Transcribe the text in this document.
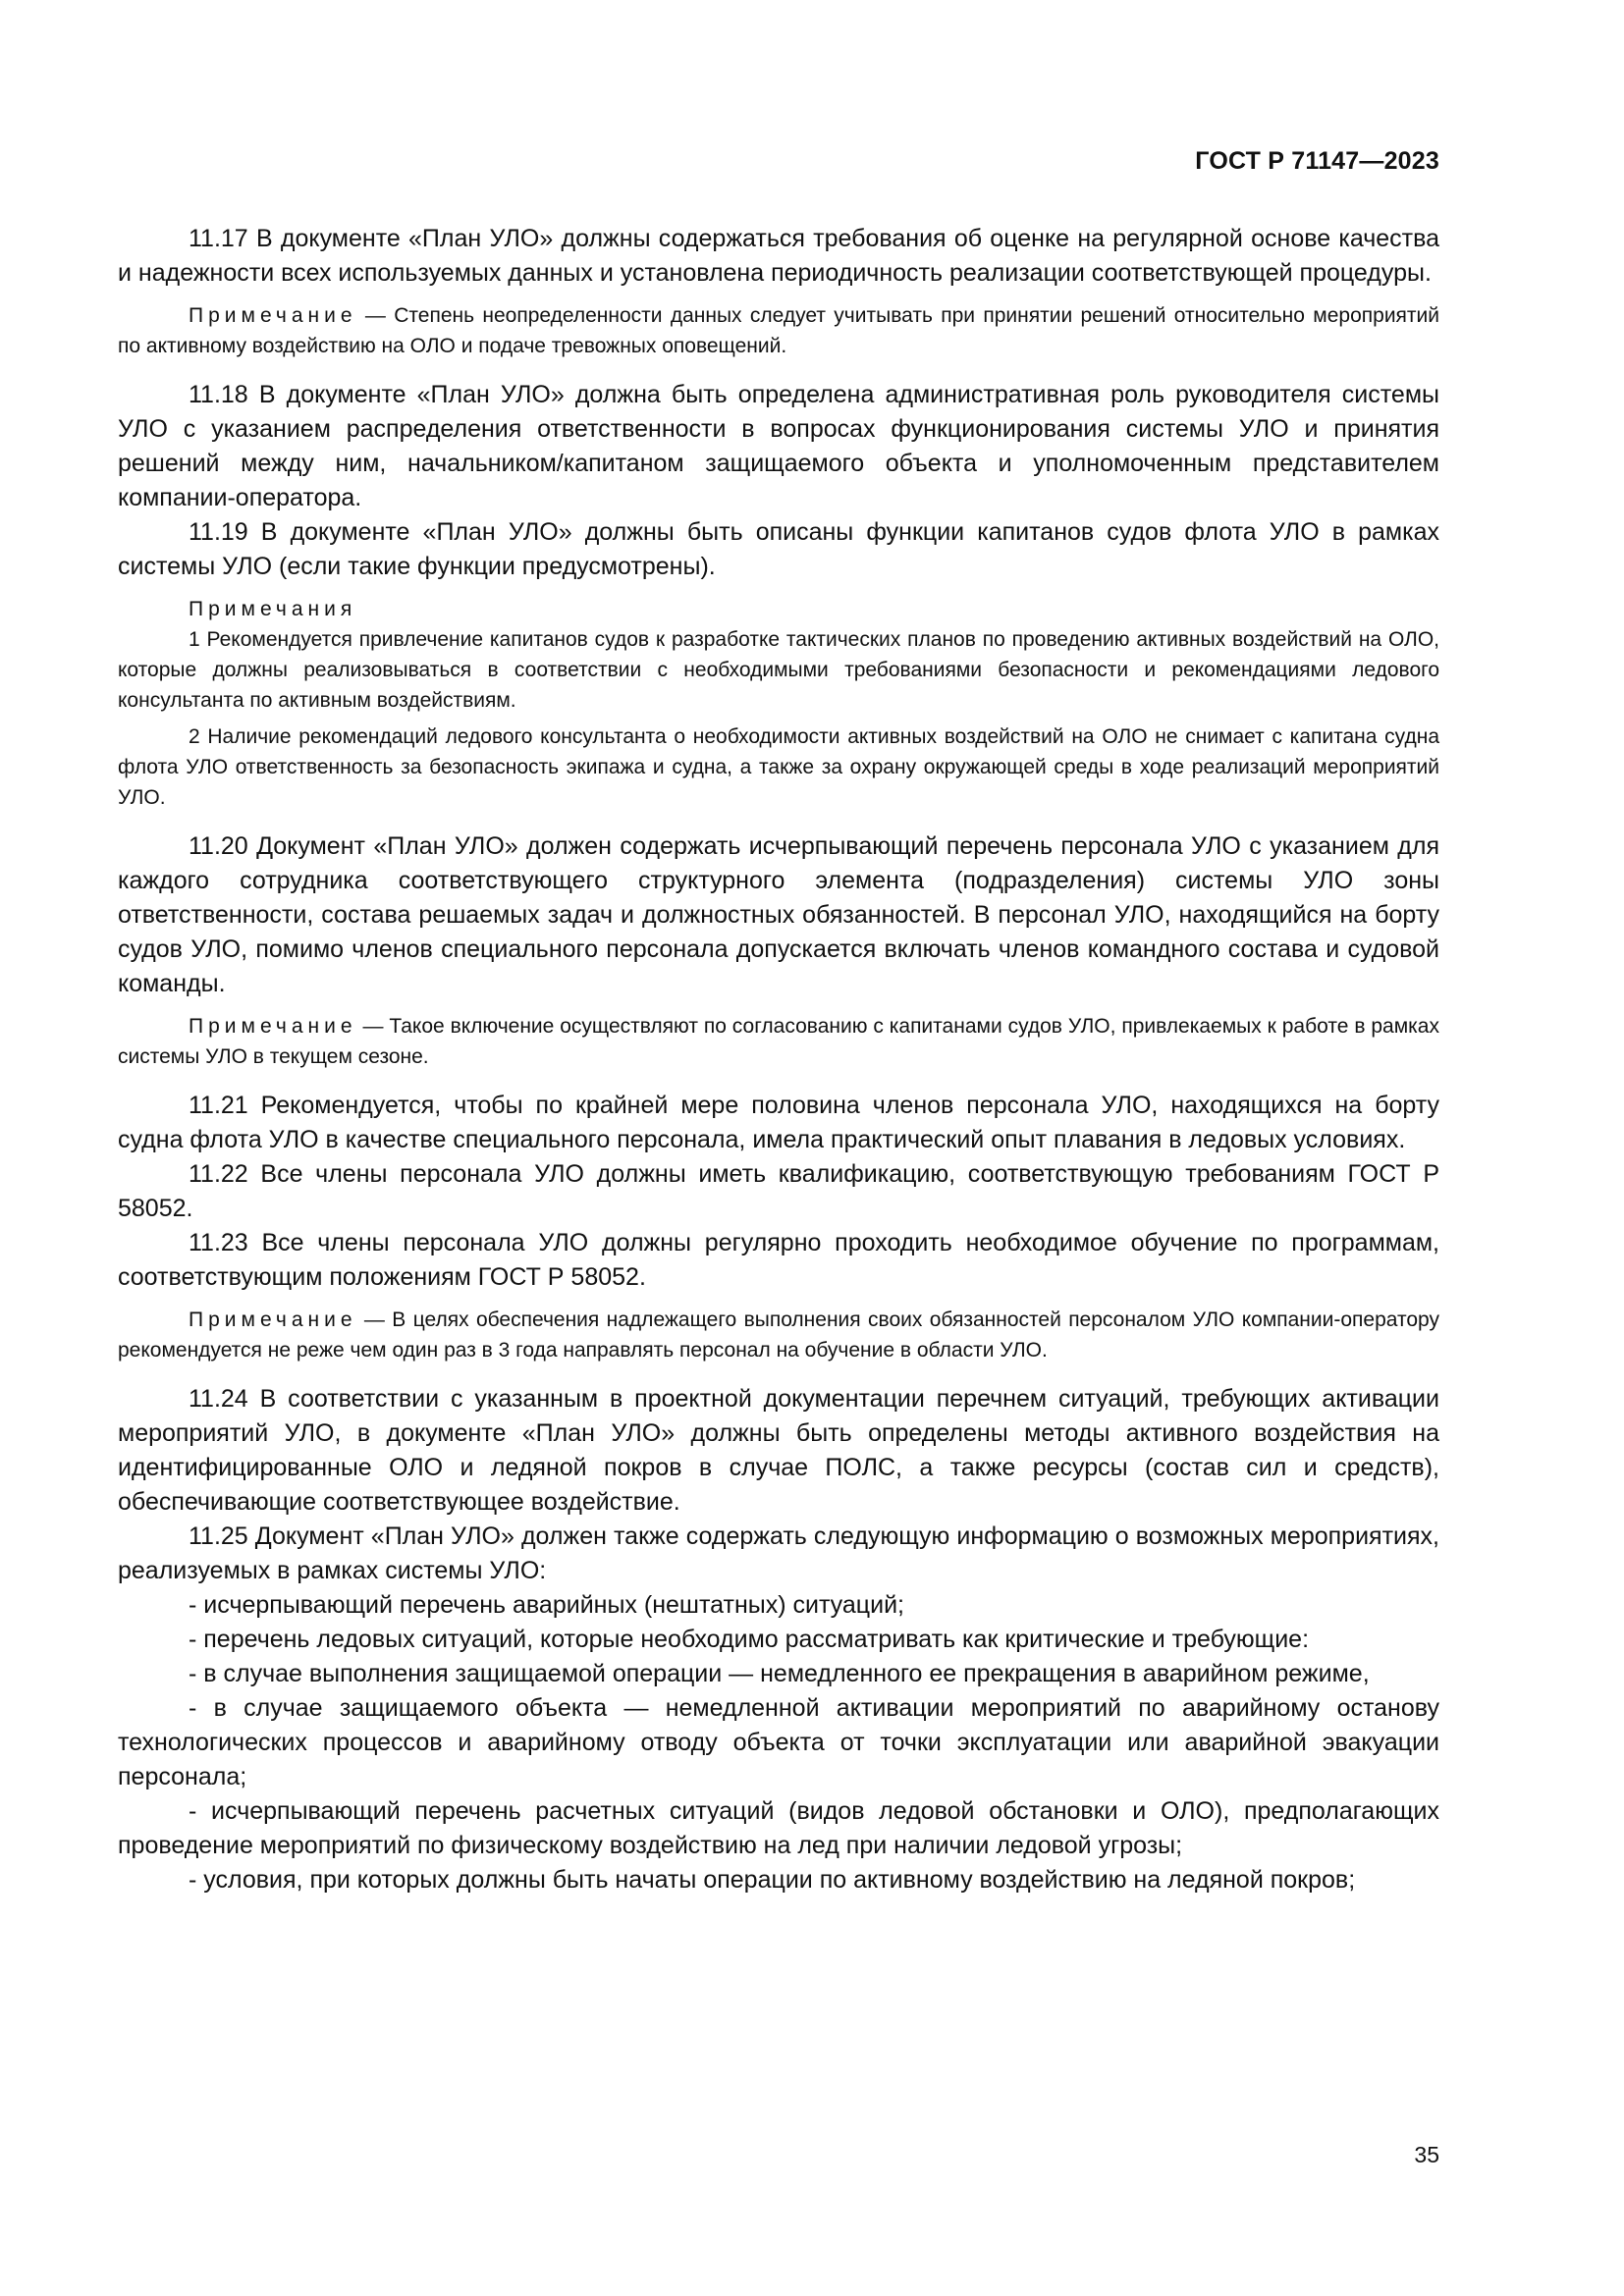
ГОСТ Р 71147—2023

11.17 В документе «План УЛО» должны содержаться требования об оценке на регулярной основе качества и надежности всех используемых данных и установлена периодичность реализации соответствующей процедуры.

Примечание — Степень неопределенности данных следует учитывать при принятии решений относительно мероприятий по активному воздействию на ОЛО и подаче тревожных оповещений.

11.18 В документе «План УЛО» должна быть определена административная роль руководителя системы УЛО с указанием распределения ответственности в вопросах функционирования системы УЛО и принятия решений между ним, начальником/капитаном защищаемого объекта и уполномоченным представителем компании-оператора.

11.19 В документе «План УЛО» должны быть описаны функции капитанов судов флота УЛО в рамках системы УЛО (если такие функции предусмотрены).

Примечания

1 Рекомендуется привлечение капитанов судов к разработке тактических планов по проведению активных воздействий на ОЛО, которые должны реализовываться в соответствии с необходимыми требованиями безопасности и рекомендациями ледового консультанта по активным воздействиям.

2 Наличие рекомендаций ледового консультанта о необходимости активных воздействий на ОЛО не снимает с капитана судна флота УЛО ответственность за безопасность экипажа и судна, а также за охрану окружающей среды в ходе реализаций мероприятий УЛО.

11.20 Документ «План УЛО» должен содержать исчерпывающий перечень персонала УЛО с указанием для каждого сотрудника соответствующего структурного элемента (подразделения) системы УЛО зоны ответственности, состава решаемых задач и должностных обязанностей. В персонал УЛО, находящийся на борту судов УЛО, помимо членов специального персонала допускается включать членов командного состава и судовой команды.

Примечание — Такое включение осуществляют по согласованию с капитанами судов УЛО, привлекаемых к работе в рамках системы УЛО в текущем сезоне.

11.21 Рекомендуется, чтобы по крайней мере половина членов персонала УЛО, находящихся на борту судна флота УЛО в качестве специального персонала, имела практический опыт плавания в ледовых условиях.

11.22 Все члены персонала УЛО должны иметь квалификацию, соответствующую требованиям ГОСТ Р 58052.

11.23 Все члены персонала УЛО должны регулярно проходить необходимое обучение по программам, соответствующим положениям ГОСТ Р 58052.

Примечание — В целях обеспечения надлежащего выполнения своих обязанностей персоналом УЛО компании-оператору рекомендуется не реже чем один раз в 3 года направлять персонал на обучение в области УЛО.

11.24 В соответствии с указанным в проектной документации перечнем ситуаций, требующих активации мероприятий УЛО, в документе «План УЛО» должны быть определены методы активного воздействия на идентифицированные ОЛО и ледяной покров в случае ПОЛС, а также ресурсы (состав сил и средств), обеспечивающие соответствующее воздействие.

11.25 Документ «План УЛО» должен также содержать следующую информацию о возможных мероприятиях, реализуемых в рамках системы УЛО:

- исчерпывающий перечень аварийных (нештатных) ситуаций;

- перечень ледовых ситуаций, которые необходимо рассматривать как критические и требующие:

- в случае выполнения защищаемой операции — немедленного ее прекращения в аварийном режиме,

- в случае защищаемого объекта — немедленной активации мероприятий по аварийному останову технологических процессов и аварийному отводу объекта от точки эксплуатации или аварийной эвакуации персонала;

- исчерпывающий перечень расчетных ситуаций (видов ледовой обстановки и ОЛО), предполагающих проведение мероприятий по физическому воздействию на лед при наличии ледовой угрозы;

- условия, при которых должны быть начаты операции по активному воздействию на ледяной покров;

35
